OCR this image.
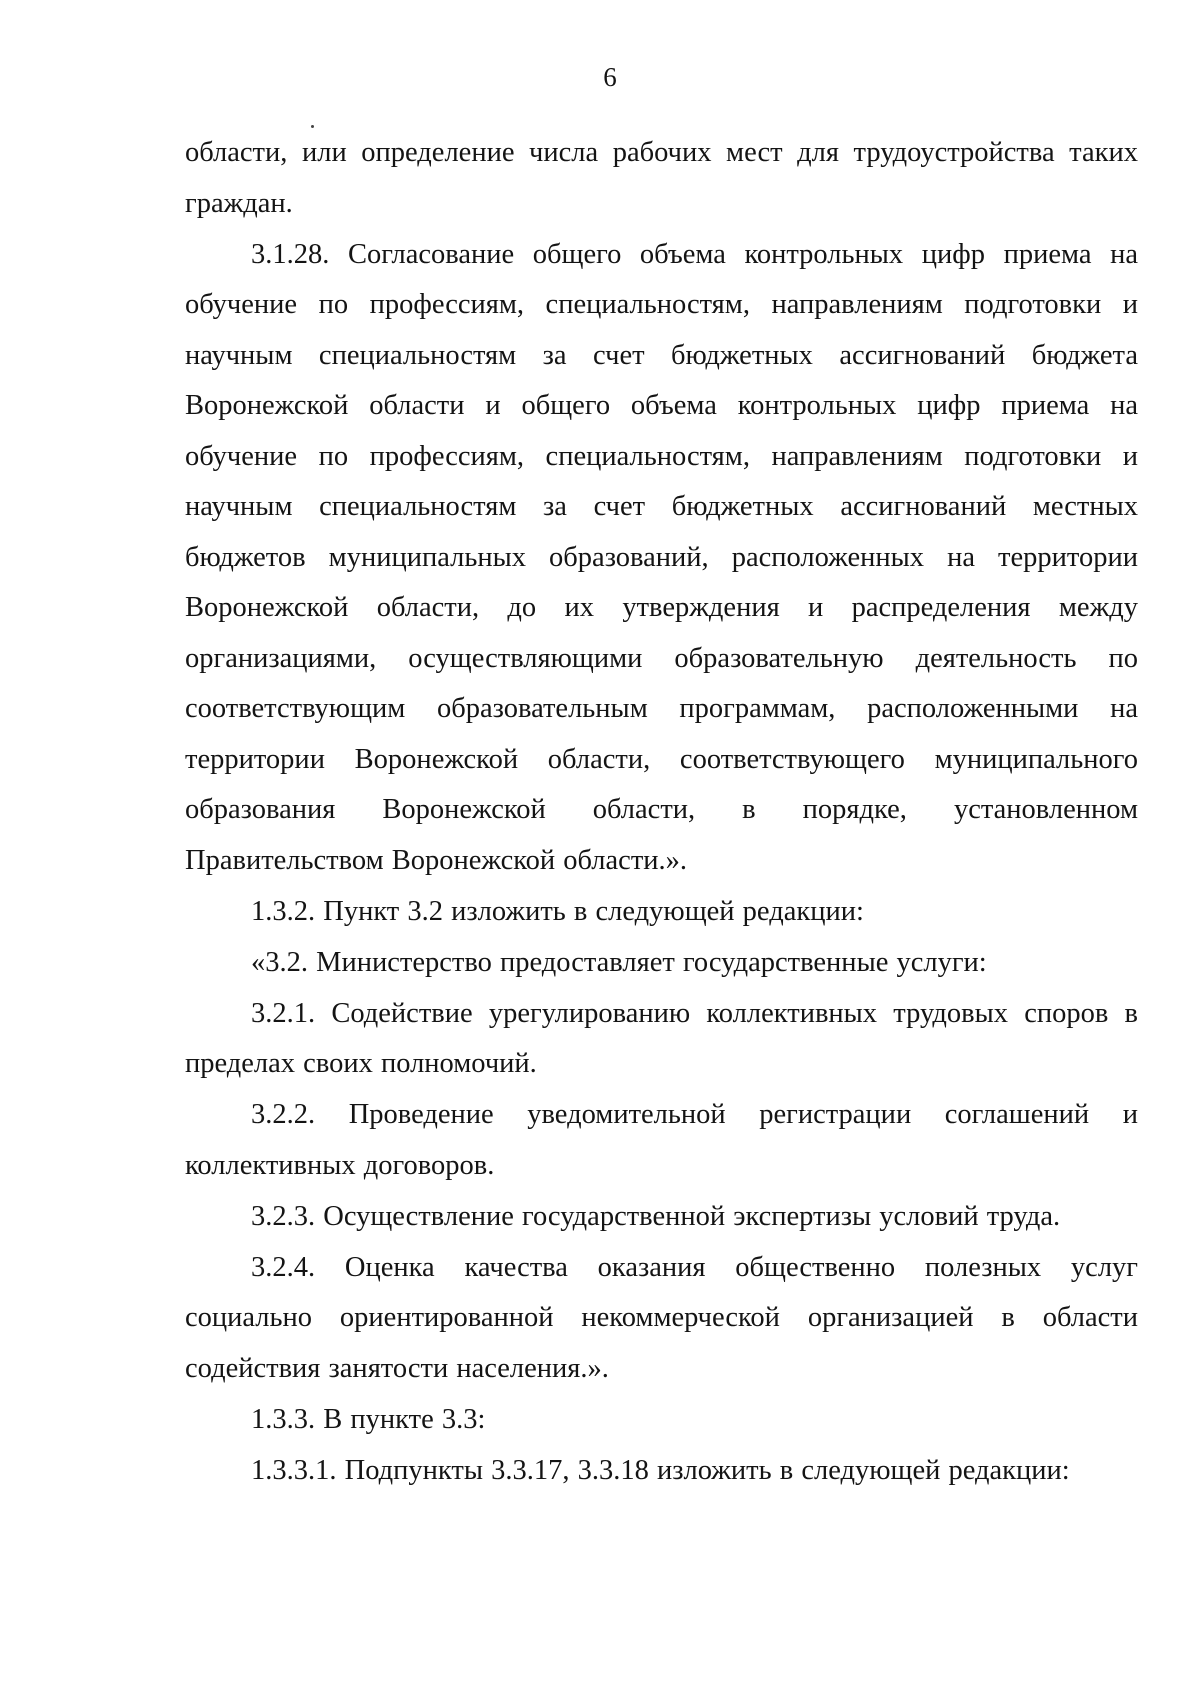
6

области, или определение числа рабочих мест для трудоустройства таких граждан.

3.1.28. Согласование общего объема контрольных цифр приема на обучение по профессиям, специальностям, направлениям подготовки и научным специальностям за счет бюджетных ассигнований бюджета Воронежской области и общего объема контрольных цифр приема на обучение по профессиям, специальностям, направлениям подготовки и научным специальностям за счет бюджетных ассигнований местных бюджетов муниципальных образований, расположенных на территории Воронежской области, до их утверждения и распределения между организациями, осуществляющими образовательную деятельность по соответствующим образовательным программам, расположенными на территории Воронежской области, соответствующего муниципального образования Воронежской области, в порядке, установленном Правительством Воронежской области.».

1.3.2. Пункт 3.2 изложить в следующей редакции:

«3.2. Министерство предоставляет государственные услуги:

3.2.1. Содействие урегулированию коллективных трудовых споров в пределах своих полномочий.

3.2.2. Проведение уведомительной регистрации соглашений и коллективных договоров.

3.2.3. Осуществление государственной экспертизы условий труда.

3.2.4. Оценка качества оказания общественно полезных услуг социально ориентированной некоммерческой организацией в области содействия занятости населения.».

1.3.3. В пункте 3.3:

1.3.3.1. Подпункты 3.3.17, 3.3.18 изложить в следующей редакции:
